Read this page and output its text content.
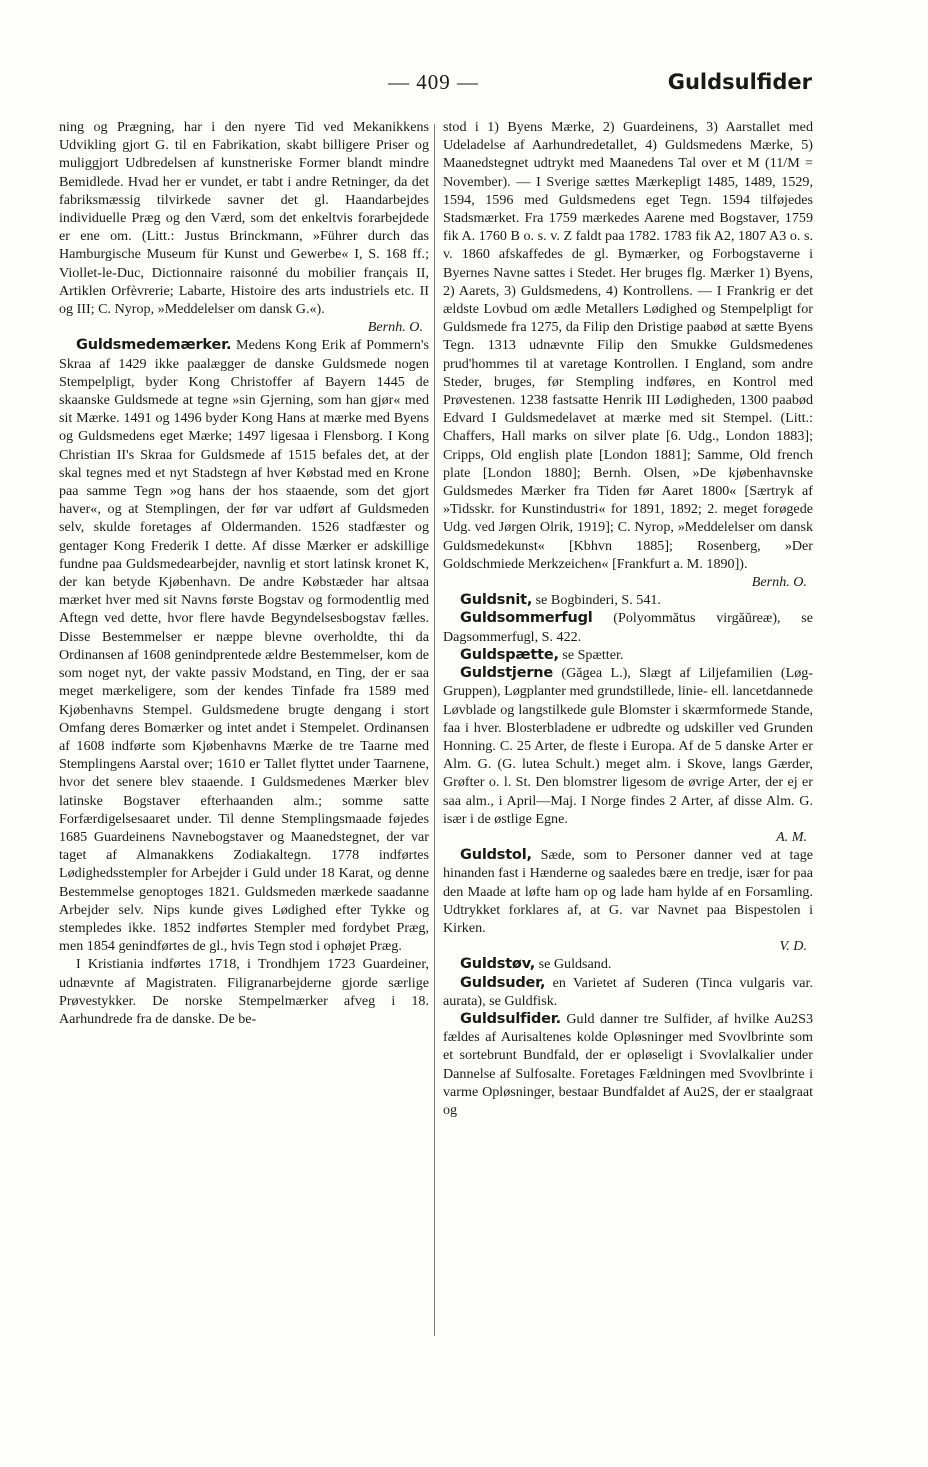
— 409 —	Guldsulfider

ning og Prægning, har i den nyere Tid ved Mekanikkens Udvikling gjort G. til en Fabrikation, skabt billigere Priser og muliggjort Udbredelsen af kunstneriske Former blandt mindre Bemidlede. Hvad her er vundet, er tabt i andre Retninger, da det fabriksmæssig tilvirkede savner det gl. Haandarbejdes individuelle Præg og den Værd, som det enkeltvis forarbejdede er ene om. (Litt.: Justus Brinckmann, »Führer durch das Hamburgische Museum für Kunst und Gewerbe« I, S. 168 ff.; Viollet-le-Duc, Dictionnaire raisonné du mobilier français II, Artiklen Orfèvrerie; Labarte, Histoire des arts industriels etc. II og III; C. Nyrop, »Meddelelser om dansk G.«).
Bernh. O.

Guldsmedemærker. Medens Kong Erik af Pommern's Skraa af 1429 ikke paalægger de danske Guldsmede nogen Stempelpligt, byder Kong Christoffer af Bayern 1445 de skaanske Guldsmede at tegne »sin Gjerning, som han gjør« med sit Mærke. 1491 og 1496 byder Kong Hans at mærke med Byens og Guldsmedens eget Mærke; 1497 ligesaa i Flensborg. I Kong Christian II's Skraa for Guldsmede af 1515 befales det, at der skal tegnes med et nyt Stadstegn af hver Købstad med en Krone paa samme Tegn »og hans der hos staaende, som det gjort haver«, og at Stemplingen, der før var udført af Guldsmeden selv, skulde foretages af Oldermanden. 1526 stadfæster og gentager Kong Frederik I dette. Af disse Mærker er adskillige fundne paa Guldsmedearbejder, navnlig et stort latinsk kronet K, der kan betyde Kjøbenhavn. De andre Købstæder har altsaa mærket hver med sit Navns første Bogstav og formodentlig med Aftegn ved dette, hvor flere havde Begyndelsesbogstav fælles. Disse Bestemmelser er næppe blevne overholdte, thi da Ordinansen af 1608 genindprentede ældre Bestemmelser, kom de som noget nyt, der vakte passiv Modstand, en Ting, der er saa meget mærkeligere, som der kendes Tinfade fra 1589 med Kjøbenhavns Stempel. Guldsmedene brugte dengang i stort Omfang deres Bomærker og intet andet i Stempelet. Ordinansen af 1608 indførte som Kjøbenhavns Mærke de tre Taarne med Stemplingens Aarstal over; 1610 er Tallet flyttet under Taarnene, hvor det senere blev staaende. I Guldsmedenes Mærker blev latinske Bogstaver efterhaanden alm.; somme satte Forfærdigelsesaaret under. Til denne Stemplingsmaade føjedes 1685 Guardeinens Navnebogstaver og Maanedstegnet, der var taget af Almanakkens Zodiakaltegn. 1778 indførtes Lødighedsstempler for Arbejder i Guld under 18 Karat, og denne Bestemmelse genoptoges 1821. Guldsmeden mærkede saadanne Arbejder selv. Nips kunde gives Lødighed efter Tykke og stempledes ikke. 1852 indførtes Stempler med fordybet Præg, men 1854 genindførtes de gl., hvis Tegn stod i ophøjet Præg.

I Kristiania indførtes 1718, i Trondhjem 1723 Guardeiner, udnævnte af Magistraten. Filigranarbejderne gjorde særlige Prøvestykker. De norske Stempelmærker afveg i 18. Aarhundrede fra de danske. De be-

stod i 1) Byens Mærke, 2) Guardeinens, 3) Aarstallet med Udeladelse af Aarhundredetallet, 4) Guldsmedens Mærke, 5) Maanedstegnet udtrykt med Maanedens Tal over et M (11/M = November). — I Sverige sættes Mærkepligt 1485, 1489, 1529, 1594, 1596 med Guldsmedens eget Tegn. 1594 tilføjedes Stadsmærket. Fra 1759 mærkedes Aarene med Bogstaver, 1759 fik A. 1760 B o. s. v. Z faldt paa 1782. 1783 fik A2, 1807 A3 o. s. v. 1860 afskaffedes de gl. Bymærker, og Forbogstaverne i Byernes Navne sattes i Stedet. Her bruges flg. Mærker 1) Byens, 2) Aarets, 3) Guldsmedens, 4) Kontrollens. — I Frankrig er det ældste Lovbud om ædle Metallers Lødighed og Stempelpligt for Guldsmede fra 1275, da Filip den Dristige paabød at sætte Byens Tegn. 1313 udnævnte Filip den Smukke Guldsmedenes prud'hommes til at varetage Kontrollen. I England, som andre Steder, bruges, før Stempling indføres, en Kontrol med Prøvestenen. 1238 fastsatte Henrik III Lødigheden, 1300 paabød Edvard I Guldsmedelavet at mærke med sit Stempel. (Litt.: Chaffers, Hall marks on silver plate [6. Udg., London 1883]; Cripps, Old english plate [London 1881]; Samme, Old french plate [London 1880]; Bernh. Olsen, »De kjøbenhavnske Guldsmedes Mærker fra Tiden før Aaret 1800« [Særtryk af »Tidsskr. for Kunstindustri« for 1891, 1892; 2. meget forøgede Udg. ved Jørgen Olrik, 1919]; C. Nyrop, »Meddelelser om dansk Guldsmedekunst« [Kbhvn 1885]; Rosenberg, »Der Goldschmiede Merkzeichen« [Frankfurt a. M. 1890]).
Bernh. O.

Guldsnit, se Bogbinderi, S. 541.

Guldsommerfugl (Polyommătus virgăŭreæ), se Dagsommerfugl, S. 422.

Guldspætte, se Spætter.

Guldstjerne (Găgea L.), Slægt af Liljefamilien (Løg-Gruppen), Løgplanter med grundstillede, linie- ell. lancetdannede Løvblade og langstilkede gule Blomster i skærmformede Stande, faa i hver. Blosterbladene er udbredte og udskiller ved Grunden Honning. C. 25 Arter, de fleste i Europa. Af de 5 danske Arter er Alm. G. (G. lutea Schult.) meget alm. i Skove, langs Gærder, Grøfter o. l. St. Den blomstrer ligesom de øvrige Arter, der ej er saa alm., i April—Maj. I Norge findes 2 Arter, af disse Alm. G. især i de østlige Egne.
A. M.

Guldstol, Sæde, som to Personer danner ved at tage hinanden fast i Hænderne og saaledes bære en tredje, især for paa den Maade at løfte ham op og lade ham hylde af en Forsamling. Udtrykket forklares af, at G. var Navnet paa Bispestolen i Kirken.
V. D.

Guldstøv, se Guldsand.

Guldsuder, en Varietet af Suderen (Tinca vulgaris var. aurata), se Guldfisk.

Guldsulfider. Guld danner tre Sulfider, af hvilke Au2S3 fældes af Aurisaltenes kolde Opløsninger med Svovlbrinte som et sortebrunt Bundfald, der er opløseligt i Svovlalkalier under Dannelse af Sulfosalte. Foretages Fældningen med Svovlbrinte i varme Opløsninger, bestaar Bundfaldet af Au2S, der er staalgraat og
